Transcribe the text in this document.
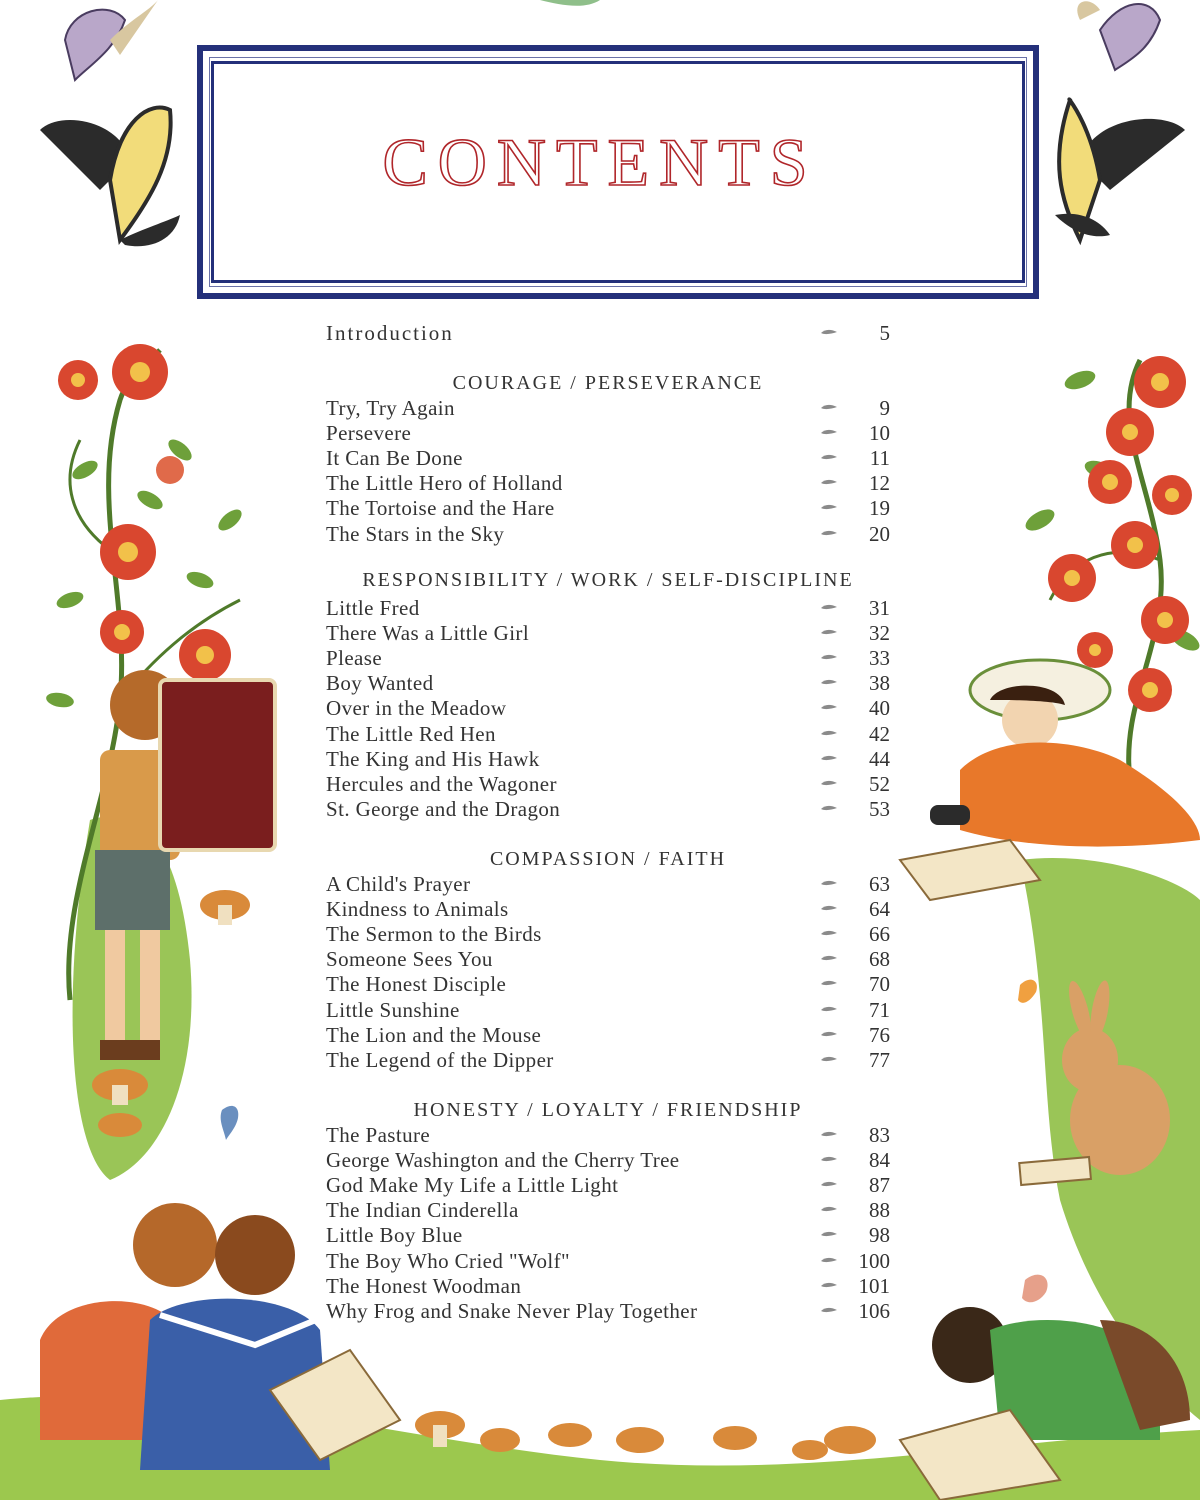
CONTENTS
Introduction	5
COURAGE / PERSEVERANCE
Try, Try Again	9
Persevere	10
It Can Be Done	11
The Little Hero of Holland	12
The Tortoise and the Hare	19
The Stars in the Sky	20
RESPONSIBILITY / WORK / SELF-DISCIPLINE
Little Fred	31
There Was a Little Girl	32
Please	33
Boy Wanted	38
Over in the Meadow	40
The Little Red Hen	42
The King and His Hawk	44
Hercules and the Wagoner	52
St. George and the Dragon	53
COMPASSION / FAITH
A Child's Prayer	63
Kindness to Animals	64
The Sermon to the Birds	66
Someone Sees You	68
The Honest Disciple	70
Little Sunshine	71
The Lion and the Mouse	76
The Legend of the Dipper	77
HONESTY / LOYALTY / FRIENDSHIP
The Pasture	83
George Washington and the Cherry Tree	84
God Make My Life a Little Light	87
The Indian Cinderella	88
Little Boy Blue	98
The Boy Who Cried "Wolf"	100
The Honest Woodman	101
Why Frog and Snake Never Play Together	106
